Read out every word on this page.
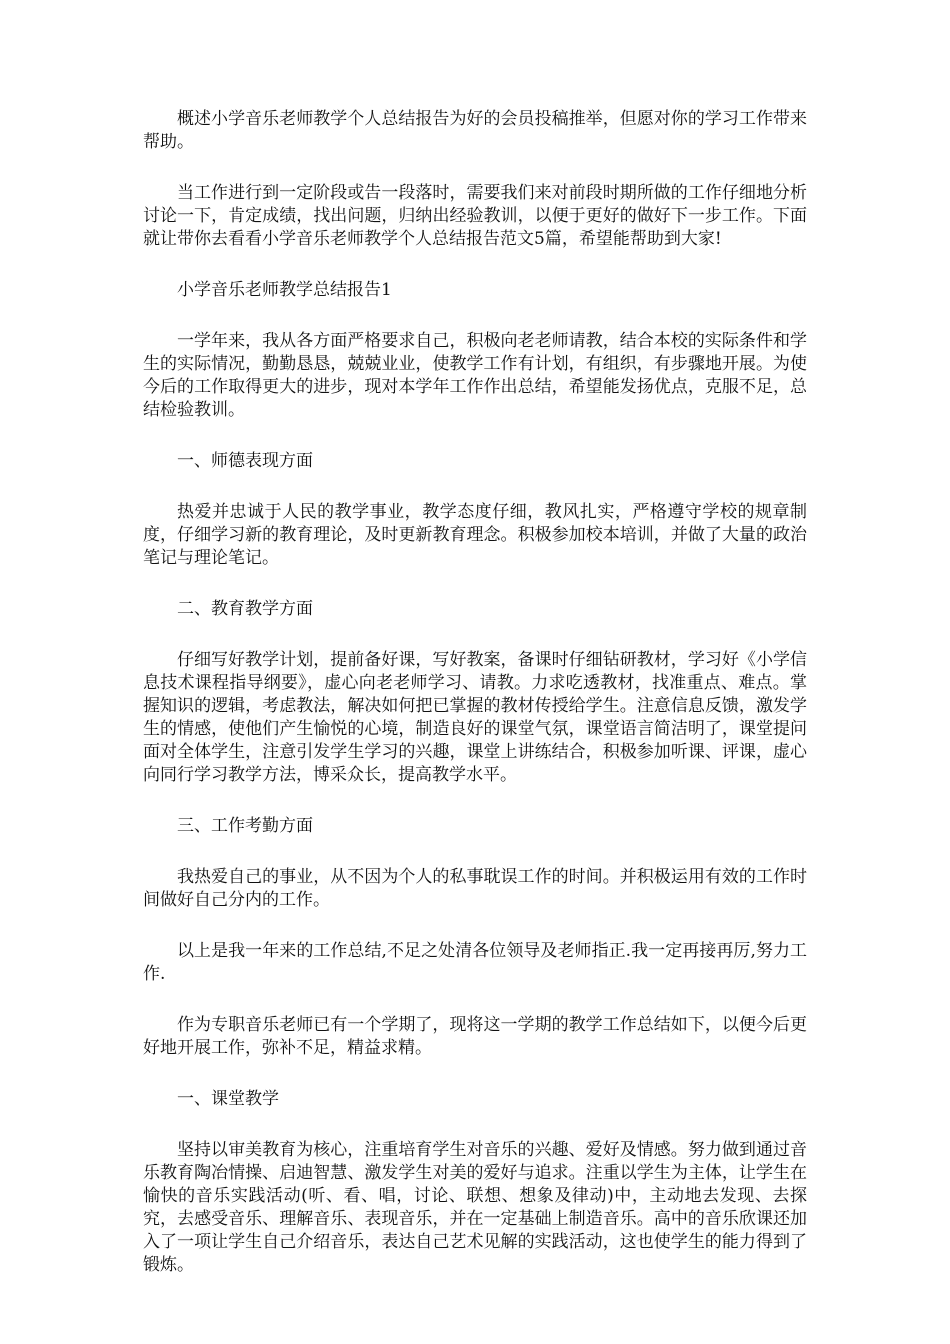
概述小学音乐老师教学个人总结报告为好的会员投稿推举，但愿对你的学习工作带来帮助。

当工作进行到一定阶段或告一段落时，需要我们来对前段时期所做的工作仔细地分析讨论一下，肯定成绩，找出问题，归纳出经验教训，以便于更好的做好下一步工作。下面就让带你去看看小学音乐老师教学个人总结报告范文5篇，希望能帮助到大家!

小学音乐老师教学总结报告1

一学年来，我从各方面严格要求自己，积极向老老师请教，结合本校的实际条件和学生的实际情况，勤勤恳恳，兢兢业业，使教学工作有计划，有组织，有步骤地开展。为使今后的工作取得更大的进步，现对本学年工作作出总结，希望能发扬优点，克服不足，总结检验教训。

一、师德表现方面

热爱并忠诚于人民的教学事业，教学态度仔细，教风扎实，严格遵守学校的规章制度，仔细学习新的教育理论，及时更新教育理念。积极参加校本培训，并做了大量的政治笔记与理论笔记。

二、教育教学方面

仔细写好教学计划，提前备好课，写好教案，备课时仔细钻研教材，学习好《小学信息技术课程指导纲要》，虚心向老老师学习、请教。力求吃透教材，找准重点、难点。掌握知识的逻辑，考虑教法，解决如何把已掌握的教材传授给学生。注意信息反馈，激发学生的情感，使他们产生愉悦的心境，制造良好的课堂气氛，课堂语言简洁明了，课堂提问面对全体学生，注意引发学生学习的兴趣，课堂上讲练结合，积极参加听课、评课，虚心向同行学习教学方法，博采众长，提高教学水平。

三、工作考勤方面

我热爱自己的事业，从不因为个人的私事耽误工作的时间。并积极运用有效的工作时间做好自己分内的工作。

以上是我一年来的工作总结,不足之处清各位领导及老师指正.我一定再接再厉,努力工作.

作为专职音乐老师已有一个学期了，现将这一学期的教学工作总结如下，以便今后更好地开展工作，弥补不足，精益求精。

一、课堂教学

坚持以审美教育为核心，注重培育学生对音乐的兴趣、爱好及情感。努力做到通过音乐教育陶冶情操、启迪智慧、激发学生对美的爱好与追求。注重以学生为主体，让学生在愉快的音乐实践活动(听、看、唱，讨论、联想、想象及律动)中，主动地去发现、去探究，去感受音乐、理解音乐、表现音乐，并在一定基础上制造音乐。高中的音乐欣课还加入了一项让学生自己介绍音乐，表达自己艺术见解的实践活动，这也使学生的能力得到了锻炼。
